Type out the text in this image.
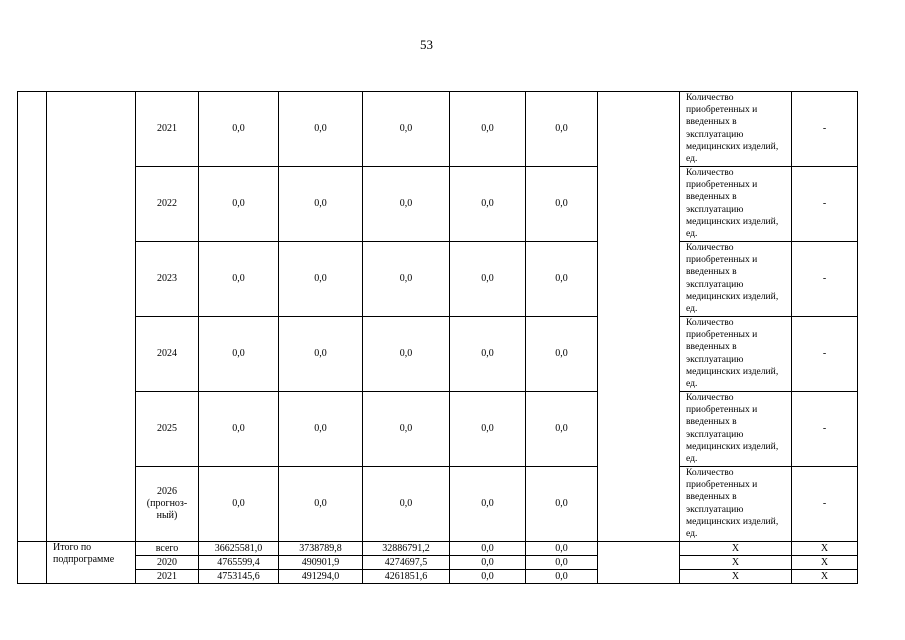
53
		2021	0,0	0,0	0,0	0,0	0,0		Количество приобретенных и введенных в эксплуатацию медицинских изделий, ед.	-
		2022	0,0	0,0	0,0	0,0	0,0		Количество приобретенных и введенных в эксплуатацию медицинских изделий, ед.	-
		2023	0,0	0,0	0,0	0,0	0,0		Количество приобретенных и введенных в эксплуатацию медицинских изделий, ед.	-
		2024	0,0	0,0	0,0	0,0	0,0		Количество приобретенных и введенных в эксплуатацию медицинских изделий, ед.	-
		2025	0,0	0,0	0,0	0,0	0,0		Количество приобретенных и введенных в эксплуатацию медицинских изделий, ед.	-
		2026 (прогноз-ный)	0,0	0,0	0,0	0,0	0,0		Количество приобретенных и введенных в эксплуатацию медицинских изделий, ед.	-
	Итого по подпрограмме	всего	36625581,0	3738789,8	32886791,2	0,0	0,0		X	X
		2020	4765599,4	490901,9	4274697,5	0,0	0,0		X	X
		2021	4753145,6	491294,0	4261851,6	0,0	0,0		X	X
